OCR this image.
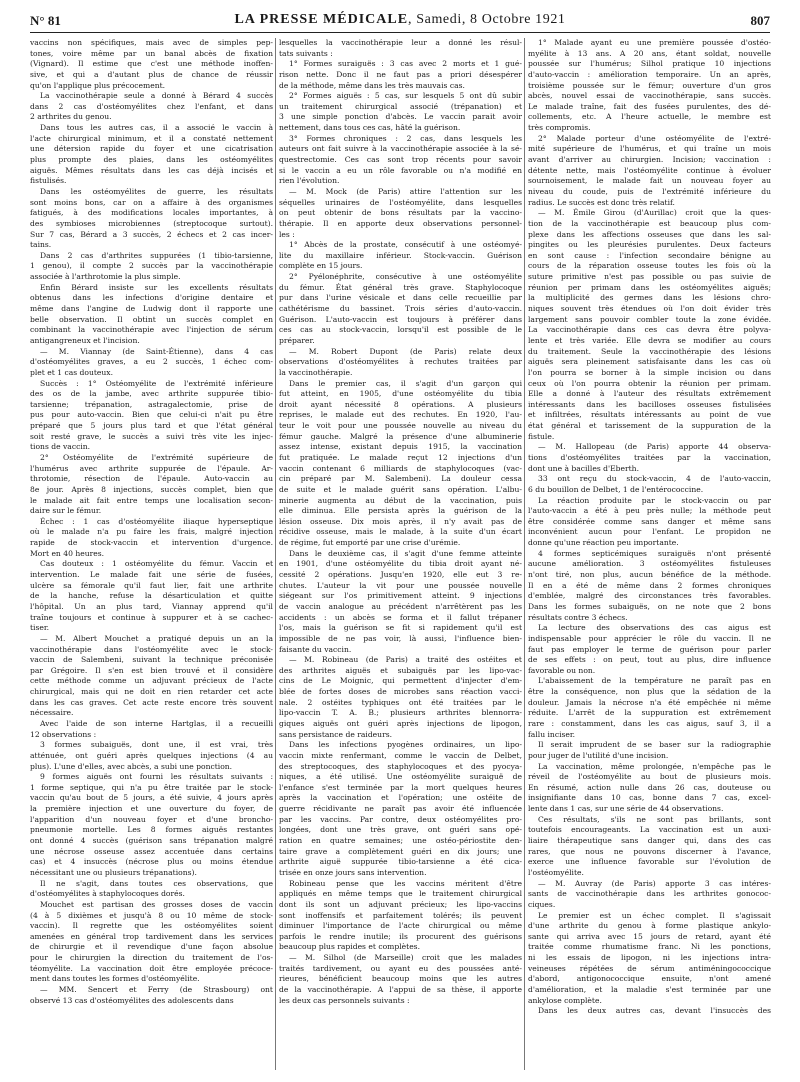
N° 81	LA PRESSE MÉDICALE, Samedi, 8 Octobre 1921	807
vaccins non spécifiques, mais avec de simples pep-
tones, voire même par un banal abcès de fixation
(Vignard). Il estime que c'est une méthode inoffen-
sive, et qui a d'autant plus de chance de réussir
qu'on l'applique plus précocement.
La vaccinothérapie seule a donné à Bérard 4 succès
dans 2 cas d'ostéomyélites chez l'enfant, et dans
2 arthrites du genou.
Dans tous les autres cas, il a associé le vaccin à
l'acte chirurgical minimum, et il a constaté nettement
une détersion rapide du foyer et une cicatrisation
plus prompte des plaies, dans les ostéomyélites
aiguës. Mêmes résultats dans les cas déjà incisés et
fistulisés.
Dans les ostéomyélites de guerre, les résultats
sont moins bons, car on a affaire à des organismes
fatigués, à des modifications locales importantes, à
des symbioses microbiennes (streptocoque surtout).
Sur 7 cas, Bérard a 3 succès, 2 échecs et 2 cas incer-
tains.
Dans 2 cas d'arthrites suppurées (1 tibio-tarsienne,
1 genou), il compte 2 succès par la vaccinothérapie
associée à l'arthrotomie la plus simple.
Enfin Bérard insiste sur les excellents résultats
obtenus dans les infections d'origine dentaire et
même dans l'angine de Ludwig dont il rapporte une
belle observation. Il obtint un succès complet en
combinant la vaccinothérapie avec l'injection de sérum
antigangreneux et l'incision.
— M. Viannay (de Saint-Étienne), dans 4 cas
d'ostéomyélites graves, a eu 2 succès, 1 échec com-
plet et 1 cas douteux.
Succès : 1° Ostéomyélite de l'extrémité inférieure
des os de la jambe, avec arthrite suppurée tibio-
tarsienne; trépanation, astragalectomie, prise de
pus pour auto-vaccin. Bien que celui-ci n'ait pu être
préparé que 5 jours plus tard et que l'état général
soit resté grave, le succès a suivi très vite les injec-
tions de vaccin.
2° Ostéomyélite de l'extrémité supérieure de
l'humérus avec arthrite suppurée de l'épaule. Ar-
throtomie, résection de l'épaule. Auto-vaccin au
8e jour. Après 8 injections, succès complet, bien que
le malade ait fait entre temps une localisation secon-
daire sur le fémur.
Échec : 1 cas d'ostéomyélite iliaque hyperseptique
où le malade n'a pu faire les frais, malgré injection
rapide de stock-vaccin et intervention d'urgence.
Mort en 40 heures.
Cas douteux : 1 ostéomyélite du fémur. Vaccin et
intervention. Le malade fait une série de fusées,
ulcère sa fémorale qu'il faut lier, fait une arthrite
de la hanche, refuse la désarticulation et quitte
l'hôpital. Un an plus tard, Viannay apprend qu'il
traîne toujours et continue à suppurer et à se cachec-
tiser.
— M. Albert Mouchet a pratiqué depuis un an la
vaccinothérapie dans l'ostéomyélite avec le stock-
vaccin de Salembeni, suivant la technique préconisée
par Grégoire. Il s'en est bien trouvé et il considère
cette méthode comme un adjuvant précieux de l'acte
chirurgical, mais qui ne doit en rien retarder cet acte
dans les cas graves. Cet acte reste encore très souvent
nécessaire.
Avec l'aide de son interne Hartglas, il a recueilli
12 observations :
3 formes subaiguës, dont une, il est vrai, très
atténuée, ont guéri après quelques injections (4 au
plus). L'une d'elles, avec abcès, a subi une ponction.
9 formes aiguës ont fourni les résultats suivants :
1 forme septique, qui n'a pu être traitée par le stock-
vaccin qu'au bout de 5 jours, a été suivie, 4 jours après
la première injection et une ouverture du foyer, de
l'apparition d'un nouveau foyer et d'une broncho-
pneumonie mortelle. Les 8 formes aiguës restantes
ont donné 4 succès (guérison sans trépanation malgré
une nécrose osseuse assez accentuée dans certains
cas) et 4 insuccès (nécrose plus ou moins étendue
nécessitant une ou plusieurs trépanations).
Il ne s'agit, dans toutes ces observations, que
d'ostéomyélites à staphylocoques dorés.
Mouchet est partisan des grosses doses de vaccin
(4 à 5 dixièmes et jusqu'à 8 ou 10 même de stock-
vaccin). Il regrette que les ostéomyélites soient
amenées en général trop tardivement dans les services
de chirurgie et il revendique d'une façon absolue
pour le chirurgien la direction du traitement de l'os-
téomyélite. La vaccination doit être employée précoce-
ment dans toutes les formes d'ostéomyélite.
— MM. Sencert et Ferry (de Strasbourg) ont
observé 13 cas d'ostéomyélites des adolescents dans
lesquelles la vaccinothérapie leur a donné les résul-
tats suivants :
1° Formes suraiguës : 3 cas avec 2 morts et 1 gué-
rison nette. Donc il ne faut pas a priori désespérer
de la méthode, même dans les très mauvais cas.
2° Formes aiguës : 5 cas, sur lesquels 5 ont dû subir
un traitement chirurgical associé (trépanation) et
3 une simple ponction d'abcès. Le vaccin parait avoir
nettement, dans tous ces cas, hâté la guérison.
3° Formes chroniques : 2 cas, dans lesquels les
auteurs ont fait suivre à la vaccinothérapie associée à la sé-
questrectomie. Ces cas sont trop récents pour savoir
si le vaccin a eu un rôle favorable ou n'a modifié en
rien l'évolution.
— M. Mock (de Paris) attire l'attention sur les
séquelles urinaires de l'ostéomyélite, dans lesquelles
on peut obtenir de bons résultats par la vaccino-
thérapie. Il en apporte deux observations personnel-
les :
1° Abcès de la prostate, consécutif à une ostéomyé-
lite du maxillaire inférieur. Stock-vaccin. Guérison
complète en 15 jours.
2° Pyélonéphrite, consécutive à une ostéomyélite
du fémur. État général très grave. Staphylocoque
pur dans l'urine vésicale et dans celle recueillie par
cathétérisme du bassinet. Trois séries d'auto-vaccin.
Guérison. L'auto-vaccin est toujours à préférer dans
ces cas au stock-vaccin, lorsqu'il est possible de le
préparer.
— M. Robert Dupont (de Paris) relate deux
observations d'ostéomyélites à rechutes traitées par
la vaccinothérapie.
Dans le premier cas, il s'agit d'un garçon qui
fut atteint, en 1905, d'une ostéomyélite du tibia
droit ayant nécessité 8 opérations. A plusieurs
reprises, le malade eut des rechutes. En 1920, l'au-
teur le voit pour une poussée nouvelle au niveau du
fémur gauche. Malgré la présence d'une albuminerie
assez intense, existant depuis 1915, la vaccination
fut pratiquée. Le malade reçut 12 injections d'un
vaccin contenant 6 milliards de staphylocoques (vac-
cin préparé par M. Salembeni). La douleur cessa
de suite et le malade guérit sans opération. L'albu-
minerie augmenta au début de la vaccination, puis
elle diminua. Elle persista après la guérison de la
lésion osseuse. Dix mois après, il n'y avait pas de
récidive osseuse, mais le malade, à la suite d'un écart
de régime, fut emporté par une crise d'urémie.
Dans le deuxième cas, il s'agit d'une femme atteinte
en 1901, d'une ostéomyélite du tibia droit ayant né-
cessité 2 opérations. Jusqu'en 1920, elle eut 3 re-
chutes. L'auteur la vit pour une poussée nouvelle
siégeant sur l'os primitivement atteint. 9 injections
de vaccin analogue au précédent n'arrêtèrent pas les
accidents : un abcès se forma et il fallut trépaner
l'os, mais la guérison se fit si rapidement qu'il est
impossible de ne pas voir, là aussi, l'influence bien-
faisante du vaccin.
— M. Robineau (de Paris) a traité des ostéites et
des arthrites aiguës et subaiguës par les lipo-vac-
cins de Le Moignic, qui permettent d'injecter d'em-
blée de fortes doses de microbes sans réaction vacci-
nale. 2 ostéites typhiques ont été traitées par le
lipo-vaccin T. A. B.; plusieurs arthrites blennorra-
giques aiguës ont guéri après injections de lipogon,
sans persistance de raideurs.
Dans les infections pyogènes ordinaires, un lipo-
vaccin mixte renfermant, comme le vaccin de Delbet,
des streptocoques, des staphylocoques et des pyocya-
niques, a été utilisé. Une ostéomyélite suraiguë de
l'enfance s'est terminée par la mort quelques heures
après la vaccination et l'opération; une ostéite de
guerre récidivante ne paraît pas avoir été influencée
par les vaccins. Par contre, deux ostéomyélites pro-
longées, dont une très grave, ont guéri sans opé-
ration en quatre semaines; une ostéo-périostite den-
taire grave a complètement guéri en dix jours; une
arthrite aiguë suppurée tibio-tarsienne a été cica-
trisée en onze jours sans intervention.
Robineau pense que les vaccins méritent d'être
appliqués en même temps que le traitement chirurgical
dont ils sont un adjuvant précieux; les lipo-vaccins
sont inoffensifs et parfaitement tolérés; ils peuvent
diminuer l'importance de l'acte chirurgical ou même
parfois le rendre inutile; ils procurent des guérisons
beaucoup plus rapides et complètes.
— M. Silhol (de Marseille) croit que les malades
traités tardivement, ou ayant eu des poussées anté-
rieures, bénéficient beaucoup moins que les autres
de la vaccinothérapie. A l'appui de sa thèse, il apporte
les deux cas personnels suivants :
1° Malade ayant eu une première poussée d'ostéo-
myélite à 13 ans. A 20 ans, étant soldat, nouvelle
poussée sur l'humérus; Silhol pratique 10 injections
d'auto-vaccin : amélioration temporaire. Un an après,
troisième poussée sur le fémur; ouverture d'un gros
abcès, nouvel essai de vaccinothérapie, sans succès.
Le malade traîne, fait des fusées purulentes, des dé-
collements, etc. A l'heure actuelle, le membre est
très compromis.
2° Malade porteur d'une ostéomyélite de l'extré-
mité supérieure de l'humérus, et qui traîne un mois
avant d'arriver au chirurgien. Incision; vaccination :
détente nette, mais l'ostéomyélite continue à évoluer
sournoisement, le malade fait un nouveau foyer au
niveau du coude, puis de l'extrémité inférieure du
radius. Le succès est donc très relatif.
— M. Émile Girou (d'Aurillac) croit que la ques-
tion de la vaccinothérapie est beaucoup plus com-
plexe dans les affections osseuses que dans les sal-
pingites ou les pleurésies purulentes. Deux facteurs
en sont cause : l'infection secondaire bénigne au
cours de la réparation osseuse toutes les fois où la
suture primitive n'est pas possible ou pas suivie de
réunion per primam dans les ostéomyélites aiguës;
la multiplicité des germes dans les lésions chro-
niques souvent très étendues où l'on doit évider très
largement sans pouvoir combler toute la zone évidée.
La vaccinothérapie dans ces cas devra être polyva-
lente et très variée. Elle devra se modifier au cours
du traitement. Seule la vaccinothérapie des lésions
aiguës sera pleinement satisfaisante dans les cas où
l'on pourra se borner à la simple incision ou dans
ceux où l'on pourra obtenir la réunion per primam.
Elle a donné à l'auteur des résultats extrêmement
intéressants dans les bacilloses osseuses fistulisées
et infiltrées, résultats intéressants au point de vue
état général et tarissement de la suppuration de la
fistule.
— M. Hallopeau (de Paris) apporte 44 observa-
tions d'ostéomyélites traitées par la vaccination,
dont une à bacilles d'Eberth.
33 ont reçu du stock-vaccin, 4 de l'auto-vaccin,
6 du bouillon de Delbet, 1 de l'entérococcine.
La réaction produite par le stock-vaccin ou par
l'auto-vaccin a été à peu près nulle; la méthode peut
être considérée comme sans danger et même sans
inconvénient aucun pour l'enfant. Le propidon ne
donne qu'une réaction peu importante.
4 formes septicémiques suraiguës n'ont présenté
aucune amélioration. 3 ostéomyélites fistuleuses
n'ont tiré, non plus, aucun bénéfice de la méthode.
Il en a été de même dans 2 formes chroniques
d'emblée, malgré des circonstances très favorables.
Dans les formes subaiguës, on ne note que 2 bons
résultats contre 3 échecs.
La lecture des observations des cas aigus est
indispensable pour apprécier le rôle du vaccin. Il ne
faut pas employer le terme de guérison pour parler
de ses effets : on peut, tout au plus, dire influence
favorable ou non.
L'abaissement de la température ne paraît pas en
être la conséquence, non plus que la sédation de la
douleur. Jamais la nécrose n'a été empêchée ni même
réduite. L'arrêt de la suppuration est extrêmement
rare : constamment, dans les cas aigus, sauf 3, il a
fallu inciser.
Il serait imprudent de se baser sur la radiographie
pour juger de l'utilité d'une incision.
La vaccination, même prolongée, n'empêche pas le
réveil de l'ostéomyélite au bout de plusieurs mois.
En résumé, action nulle dans 26 cas, douteuse ou
insignifiante dans 10 cas, bonne dans 7 cas, excel-
lente dans 1 cas, sur une série de 44 observations.
Ces résultats, s'ils ne sont pas brillants, sont
toutefois encourageants. La vaccination est un auxi-
liaire thérapeutique sans danger qui, dans des cas
rares, que nous ne pouvons discerner à l'avance,
exerce une influence favorable sur l'évolution de
l'ostéomyélite.
— M. Auvray (de Paris) apporte 3 cas intéres-
sants de vaccinothérapie dans les arthrites gonococ-
ciques.
Le premier est un échec complet. Il s'agissait
d'une arthrite du genou à forme plastique ankylo-
sante qui arriva avec 15 jours de retard, ayant été
traitée comme rhumatisme franc. Ni les ponctions,
ni les essais de lipogon, ni les injections intra-
veineuses répétées de sérum antiméningococcique
d'abord, antigonococcique ensuite, n'ont amené
d'amélioration, et la maladie s'est terminée par une
ankylose complète.
Dans les deux autres cas, devant l'insuccès des
